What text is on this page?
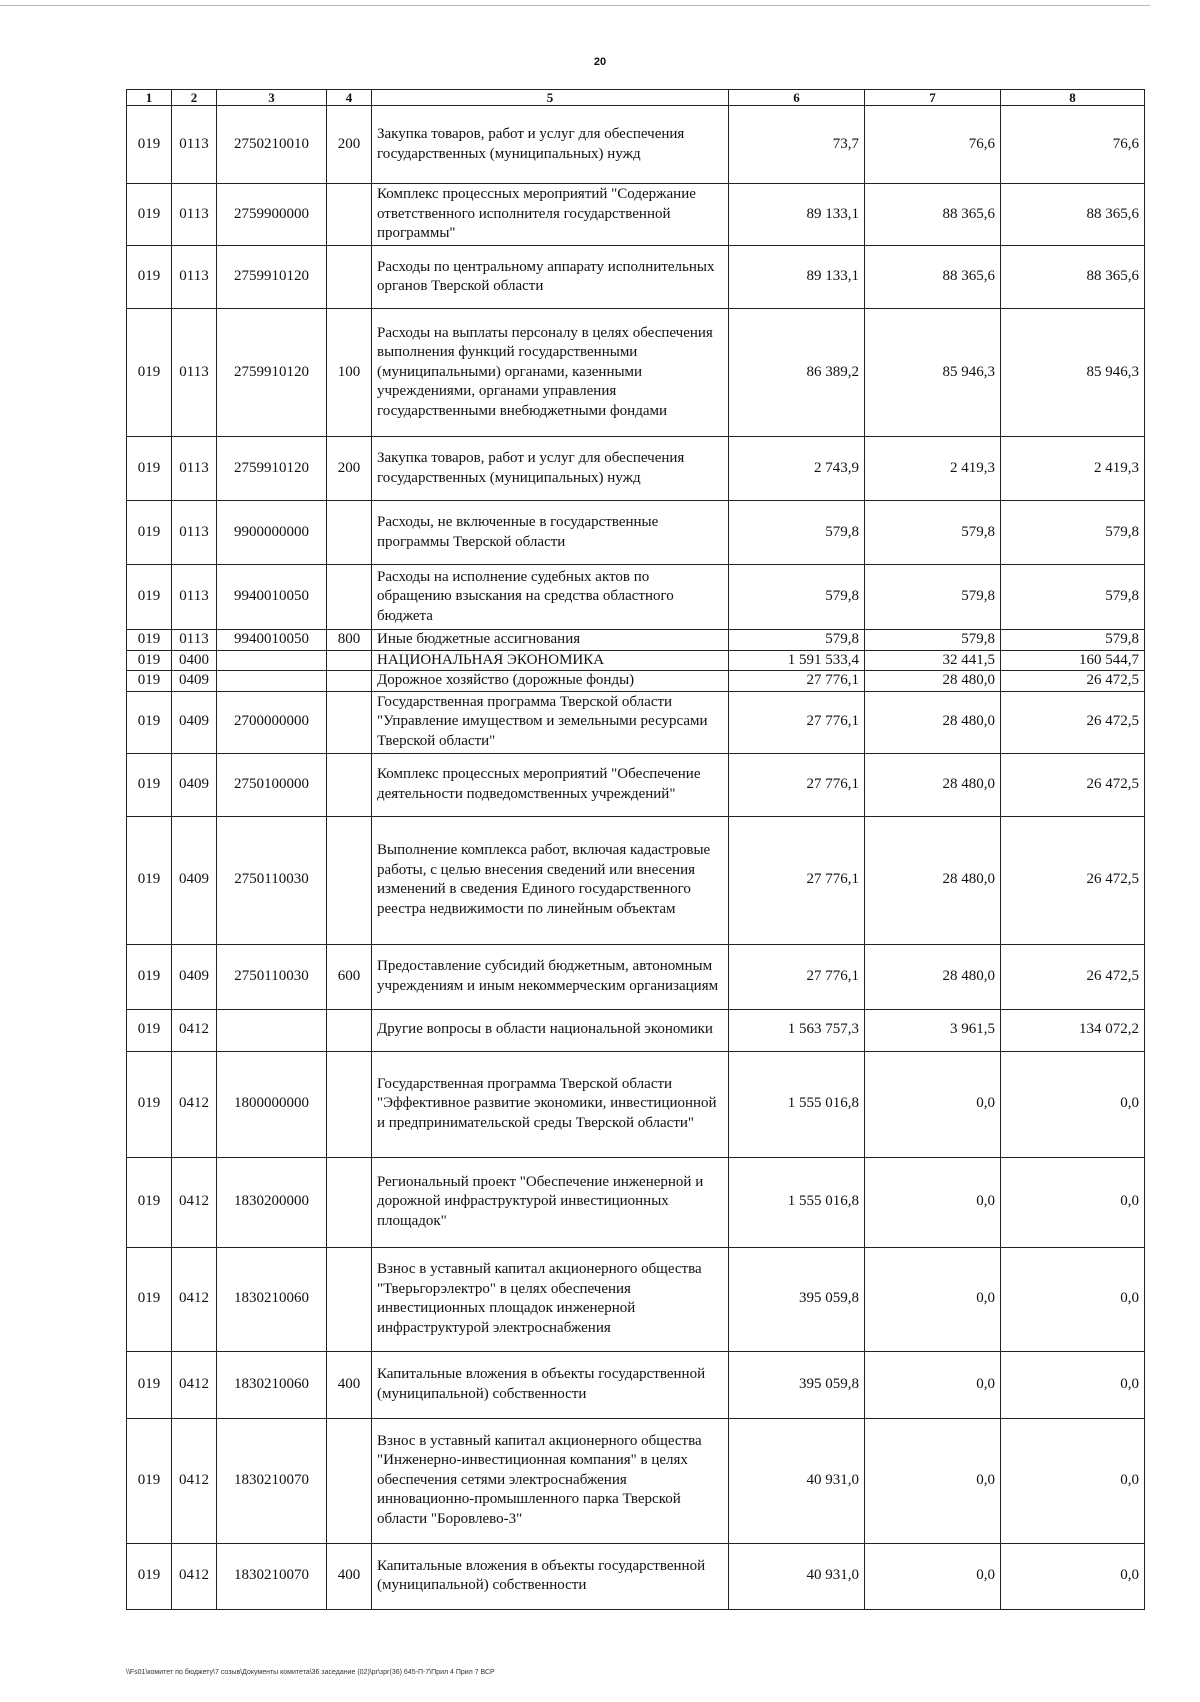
20
1	2	3	4	5	6	7	8
019	0113	2750210010	200	Закупка товаров, работ и услуг для обеспечения государственных (муниципальных) нужд	73,7	76,6	76,6
019	0113	2759900000		Комплекс процессных мероприятий "Содержание ответственного исполнителя государственной программы"	89 133,1	88 365,6	88 365,6
019	0113	2759910120		Расходы по центральному аппарату исполнительных органов Тверской области	89 133,1	88 365,6	88 365,6
019	0113	2759910120	100	Расходы на выплаты персоналу в целях обеспечения выполнения функций государственными (муниципальными) органами, казенными учреждениями, органами управления государственными внебюджетными фондами	86 389,2	85 946,3	85 946,3
019	0113	2759910120	200	Закупка товаров, работ и услуг для обеспечения государственных (муниципальных) нужд	2 743,9	2 419,3	2 419,3
019	0113	9900000000		Расходы, не включенные в государственные программы Тверской области	579,8	579,8	579,8
019	0113	9940010050		Расходы на исполнение судебных актов по обращению взыскания на средства областного бюджета	579,8	579,8	579,8
019	0113	9940010050	800	Иные бюджетные ассигнования	579,8	579,8	579,8
019	0400			НАЦИОНАЛЬНАЯ ЭКОНОМИКА	1 591 533,4	32 441,5	160 544,7
019	0409			Дорожное хозяйство (дорожные фонды)	27 776,1	28 480,0	26 472,5
019	0409	2700000000		Государственная программа Тверской области "Управление имуществом и земельными ресурсами Тверской области"	27 776,1	28 480,0	26 472,5
019	0409	2750100000		Комплекс процессных мероприятий "Обеспечение деятельности подведомственных учреждений"	27 776,1	28 480,0	26 472,5
019	0409	2750110030		Выполнение комплекса работ, включая кадастровые работы, с целью внесения сведений или внесения изменений в сведения Единого государственного реестра недвижимости по линейным объектам	27 776,1	28 480,0	26 472,5
019	0409	2750110030	600	Предоставление субсидий бюджетным, автономным учреждениям и иным некоммерческим организациям	27 776,1	28 480,0	26 472,5
019	0412			Другие вопросы в области национальной экономики	1 563 757,3	3 961,5	134 072,2
019	0412	1800000000		Государственная программа Тверской области "Эффективное развитие экономики, инвестиционной и предпринимательской среды Тверской области"	1 555 016,8	0,0	0,0
019	0412	1830200000		Региональный проект "Обеспечение инженерной и дорожной инфраструктурой инвестиционных площадок"	1 555 016,8	0,0	0,0
019	0412	1830210060		Взнос в уставный капитал акционерного общества "Тверьгорэлектро" в целях обеспечения инвестиционных площадок инженерной инфраструктурой электроснабжения	395 059,8	0,0	0,0
019	0412	1830210060	400	Капитальные вложения в объекты государственной (муниципальной) собственности	395 059,8	0,0	0,0
019	0412	1830210070		Взнос в уставный капитал акционерного общества "Инженерно-инвестиционная компания" в целях обеспечения сетями электроснабжения инновационно-промышленного парка Тверской области "Боровлево-3"	40 931,0	0,0	0,0
019	0412	1830210070	400	Капитальные вложения в объекты государственной (муниципальной) собственности	40 931,0	0,0	0,0
\\Fs01\комитет по бюджету\7 созыв\Документы комитета\36 заседание (02)\pr\зрг(36) 645-П-7\Прил 4 Прил 7 ВСР
